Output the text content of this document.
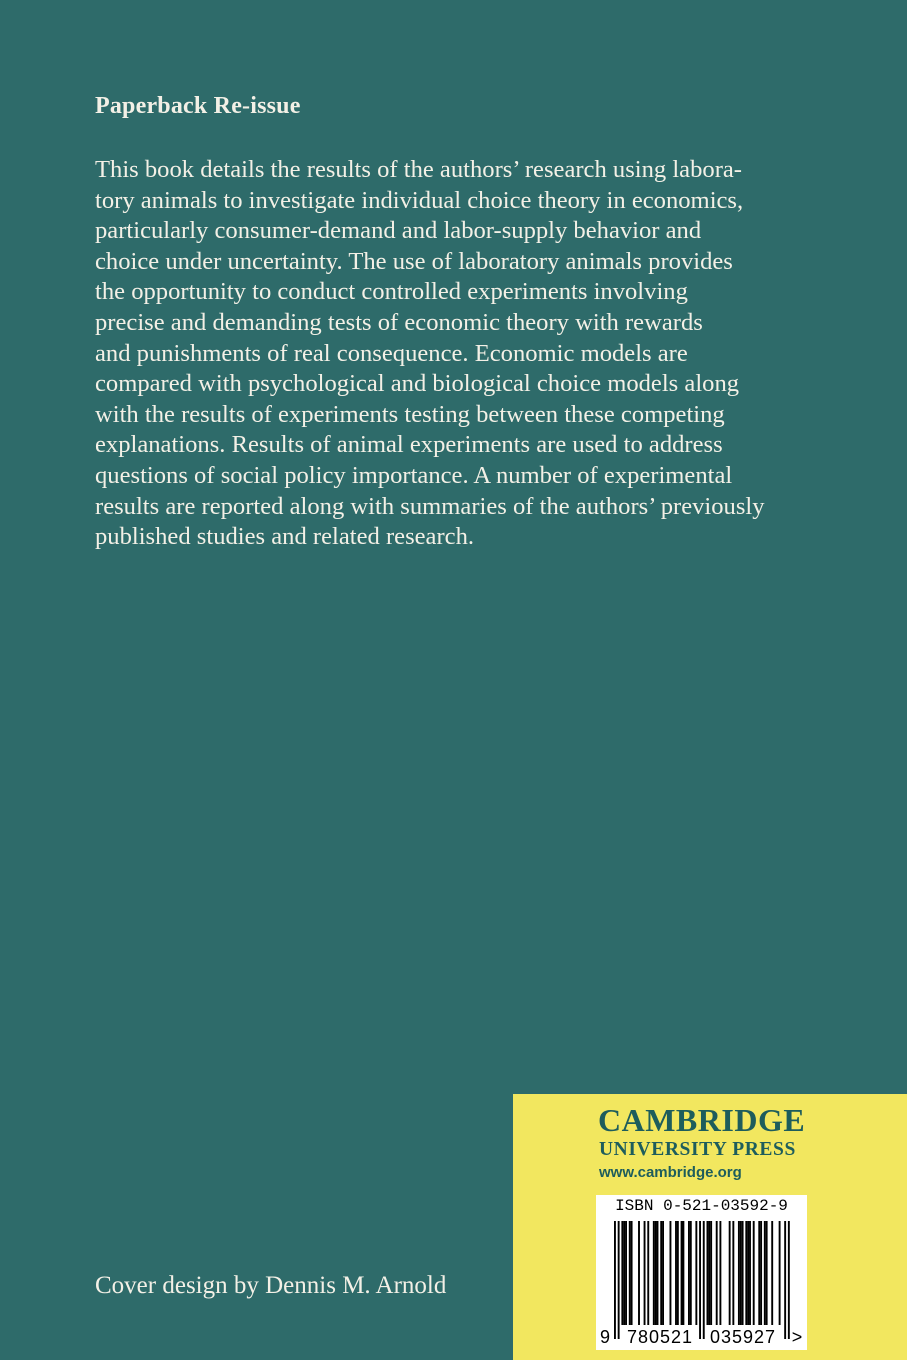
Paperback Re-issue

This book details the results of the authors’ research using labora-
tory animals to investigate individual choice theory in economics,
particularly consumer-demand and labor-supply behavior and
choice under uncertainty. The use of laboratory animals provides
the opportunity to conduct controlled experiments involving
precise and demanding tests of economic theory with rewards
and punishments of real consequence. Economic models are
compared with psychological and biological choice models along
with the results of experiments testing between these competing
explanations. Results of animal experiments are used to address
questions of social policy importance. A number of experimental
results are reported along with summaries of the authors’ previously
published studies and related research.

Cover design by Dennis M. Arnold

CAMBRIDGE

UNIVERSITY PRESS

www.cambridge.org

ISBN 0-521-03592-9

9 780521 035927 >
